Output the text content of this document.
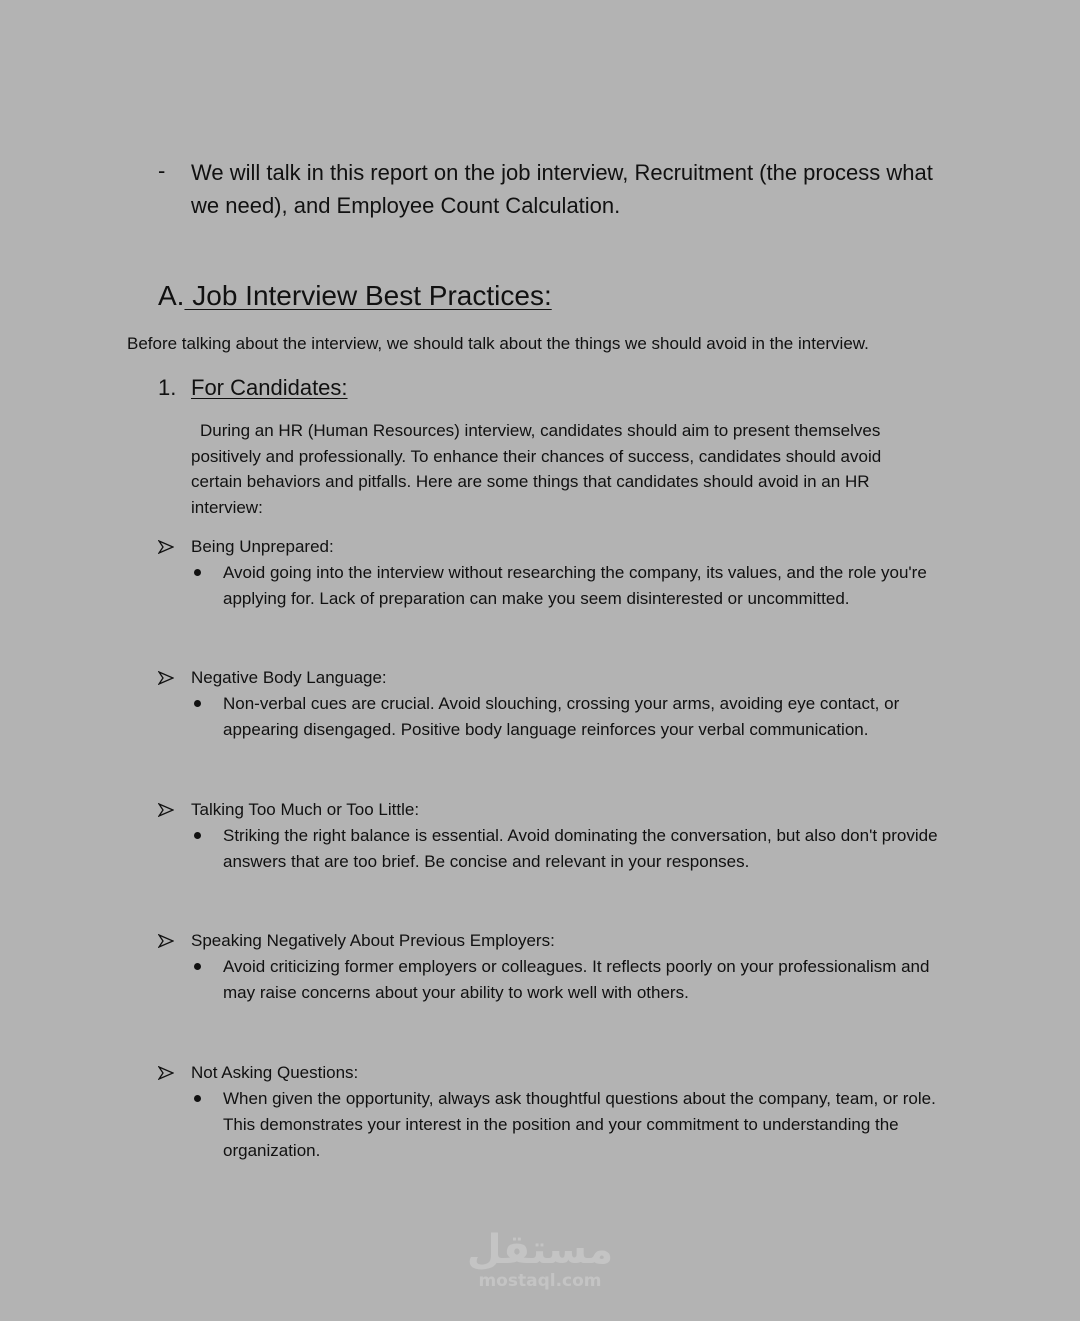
- We will talk in this report on the job interview, Recruitment (the process what we need), and Employee Count Calculation.
A. Job Interview Best Practices:
Before talking about the interview, we should talk about the things we should avoid in the interview.
1. For Candidates:
During an HR (Human Resources) interview, candidates should aim to present themselves positively and professionally. To enhance their chances of success, candidates should avoid certain behaviors and pitfalls. Here are some things that candidates should avoid in an HR interview:
Being Unprepared:
Avoid going into the interview without researching the company, its values, and the role you're applying for. Lack of preparation can make you seem disinterested or uncommitted.
Negative Body Language:
Non-verbal cues are crucial. Avoid slouching, crossing your arms, avoiding eye contact, or appearing disengaged. Positive body language reinforces your verbal communication.
Talking Too Much or Too Little:
Striking the right balance is essential. Avoid dominating the conversation, but also don't provide answers that are too brief. Be concise and relevant in your responses.
Speaking Negatively About Previous Employers:
Avoid criticizing former employers or colleagues. It reflects poorly on your professionalism and may raise concerns about your ability to work well with others.
Not Asking Questions:
When given the opportunity, always ask thoughtful questions about the company, team, or role. This demonstrates your interest in the position and your commitment to understanding the organization.
مستقل
mostaql.com
